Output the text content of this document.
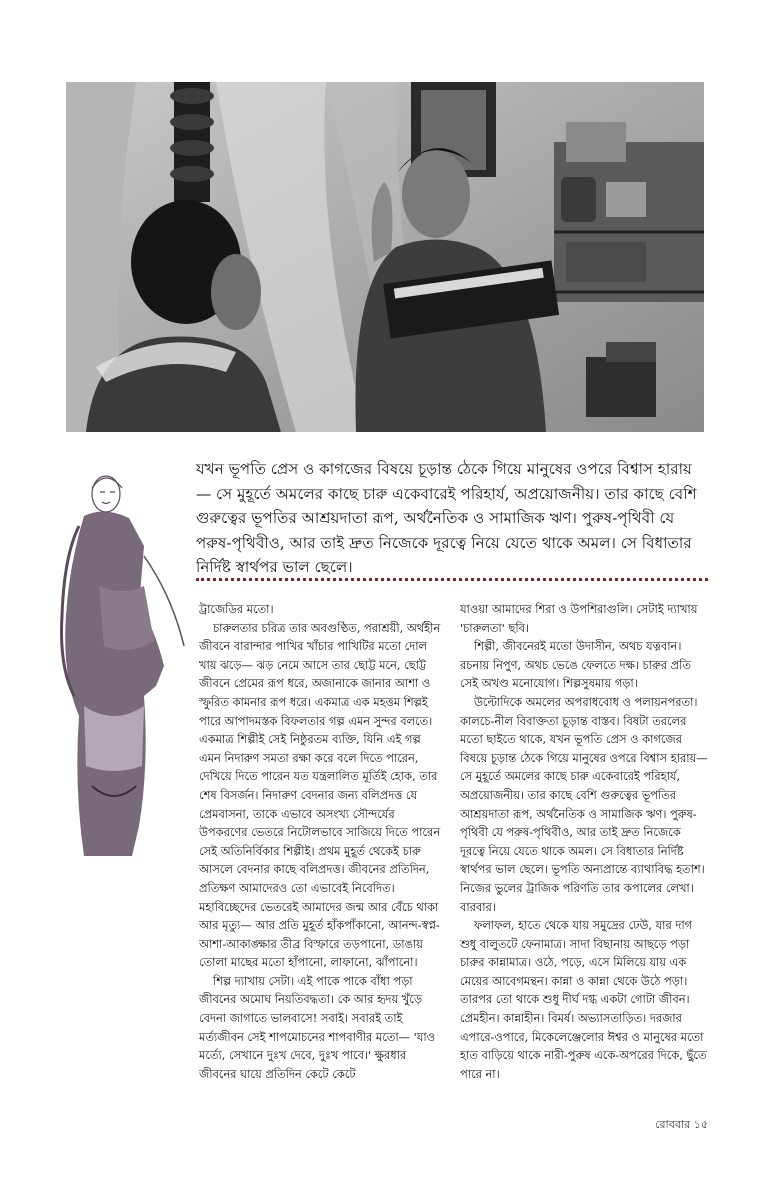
যখন ভূপতি প্রেস ও কাগজের বিষয়ে চূড়ান্ত ঠেকে গিয়ে মানুষের ওপরে বিশ্বাস হারায়— সে মুহূর্তে অমলের কাছে চারু একেবারেই পরিহার্য, অপ্রয়োজনীয়। তার কাছে বেশি গুরুত্বের ভূপতির আশ্রয়দাতা রূপ, অর্থনৈতিক ও সামাজিক ঋণ। পুরুষ-পৃথিবী যে পরুষ-পৃথিবীও, আর তাই দ্রুত নিজেকে দূরত্বে নিয়ে যেতে থাকে অমল। সে বিধাতার নির্দিষ্ট স্বার্থপর ভাল ছেলে।

ট্রাজেডির মতো।

চারুলতার চরিত্র তার অবগুণ্ঠিত, পরাশ্রয়ী, অর্থহীন জীবনে বারান্দার পাখির খাঁচার পাখিটির মতো দোল খায় ঝড়ে— ঝড় নেমে আসে তার ছোট্ট মনে, ছোট্ট জীবনে প্রেমের রূপ ধরে, অজানাকে জানার আশা ও স্ফুরিত কামনার রূপ ধরে। একমাত্র এক মহত্তম শিল্পই পারে আপাদমস্তক বিফলতার গল্প এমন সুন্দর বলতে। একমাত্র শিল্পীই সেই নিষ্ঠুরতম ব্যক্তি, যিনি এই গল্প এমন নিদারুণ সমতা রক্ষা করে বলে দিতে পারেন, দেখিয়ে দিতে পারেন যত যন্ত্রলালিত মূর্তিই হোক, তার শেষ বিসর্জন। নিদারুণ বেদনার জন্য বলিপ্রদত্ত যে প্রেমবাসনা, তাকে এভাবে অসংখ্য সৌন্দর্যের উপকরণের ভেতরে নিটোলভাবে সাজিয়ে দিতে পারেন সেই অতিনির্বিকার শিল্পীই। প্রথম মুহূর্ত থেকেই চারু আসলে বেদনার কাছে বলিপ্রদত্ত। জীবনের প্রতিদিন, প্রতিক্ষণ আমাদেরও তো এভাবেই নিবেদিত। মহাবিচ্ছেদের ভেতরেই আমাদের জন্ম আর বেঁচে থাকা আর মৃত্যু— আর প্রতি মুহূর্ত হাঁকপাঁকানো, আনন্দ-স্বপ্ন-আশা-আকাঙ্ক্ষার তীব্র বিস্ফারে তড়পানো, ডাঙায় তোলা মাছের মতো হাঁপানো, লাফানো, ঝাঁপানো।

শিল্প দ্যাখায় সেটা। এই পাকে পাকে বাঁধা পড়া জীবনের অমোঘ নিয়তিবদ্ধতা। কে আর হৃদয় খুঁড়ে বেদনা জাগাতে ভালবাসে! সবাই। সবারই তাই মর্ত্যজীবন সেই শাপমোচনের শাপবাণীর মতো— 'যাও মর্ত্যে, সেখানে দুঃখ দেবে, দুঃখ পাবে।' ক্ষুরধার জীবনের ঘায়ে প্রতিদিন কেটে কেটে

যাওয়া আমাদের শিরা ও উপশিরাগুলি। সেটাই দ্যাখায় 'চারুলতা' ছবি।

শিল্পী, জীবনেরই মতো উদাসীন, অথচ যত্নবান। রচনায় নিপুণ, অথচ ভেঙে ফেলতে দক্ষ। চারুর প্রতি সেই অখণ্ড মনোযোগ। শিল্পসুষমায় গড়া।

উল্টোদিকে অমলের অপরাধবোধ ও পলায়নপরতা। কালচে-নীল বিবাক্ততা চূড়ান্ত বাস্তব। বিষটা তরলের মতো ছাইতে থাকে, যখন ভূপতি প্রেস ও কাগজের বিষয়ে চূড়ান্ত ঠেকে গিয়ে মানুষের ওপরে বিশ্বাস হারায়— সে মুহূর্তে অমলের কাছে চারু একেবারেই পরিহার্য, অপ্রয়োজনীয়। তার কাছে বেশি গুরুত্বের ভূপতির আশ্রয়দাতা রূপ, অর্থনৈতিক ও সামাজিক ঋণ। পুরুষ-পৃথিবী যে পরুষ-পৃথিবীও, আর তাই দ্রুত নিজেকে দূরত্বে নিয়ে যেতে থাকে অমল। সে বিধাতার নির্দিষ্ট স্বার্থপর ভাল ছেলে। ভূপতি অন্যপ্রান্তে ব্যাথাবিদ্ধ হতাশ। নিজের ভুলের ট্রাজিক পরিণতি তার কপালের লেখা। বারবার।

ফলাফল, হাতে থেকে যায় সমুদ্রের ঢেউ, যার দাগ শুধু বালুতটে ফেনামাত্র। সাদা বিছানায় আছড়ে পড়া চারুর কান্নামাত্র। ওঠে, পড়ে, এসে মিলিয়ে যায় এক মেয়ের আবেগমন্থন। কান্না ও কান্না থেকে উঠে পড়া। তারপর তো থাকে শুধু দীর্ঘ দগ্ধ একটা গোটা জীবন। প্রেমহীন। কান্নাহীন। বিমর্ষ। অভ্যাসতাড়িত। দরজার এপারে-ওপারে, মিকেলেঞ্জেলোর ঈশ্বর ও মানুষের মতো হাত বাড়িয়ে থাকে নারী-পুরুষ একে-অপরের দিকে, ছুঁতে পারে না।

রোববার ১৫
